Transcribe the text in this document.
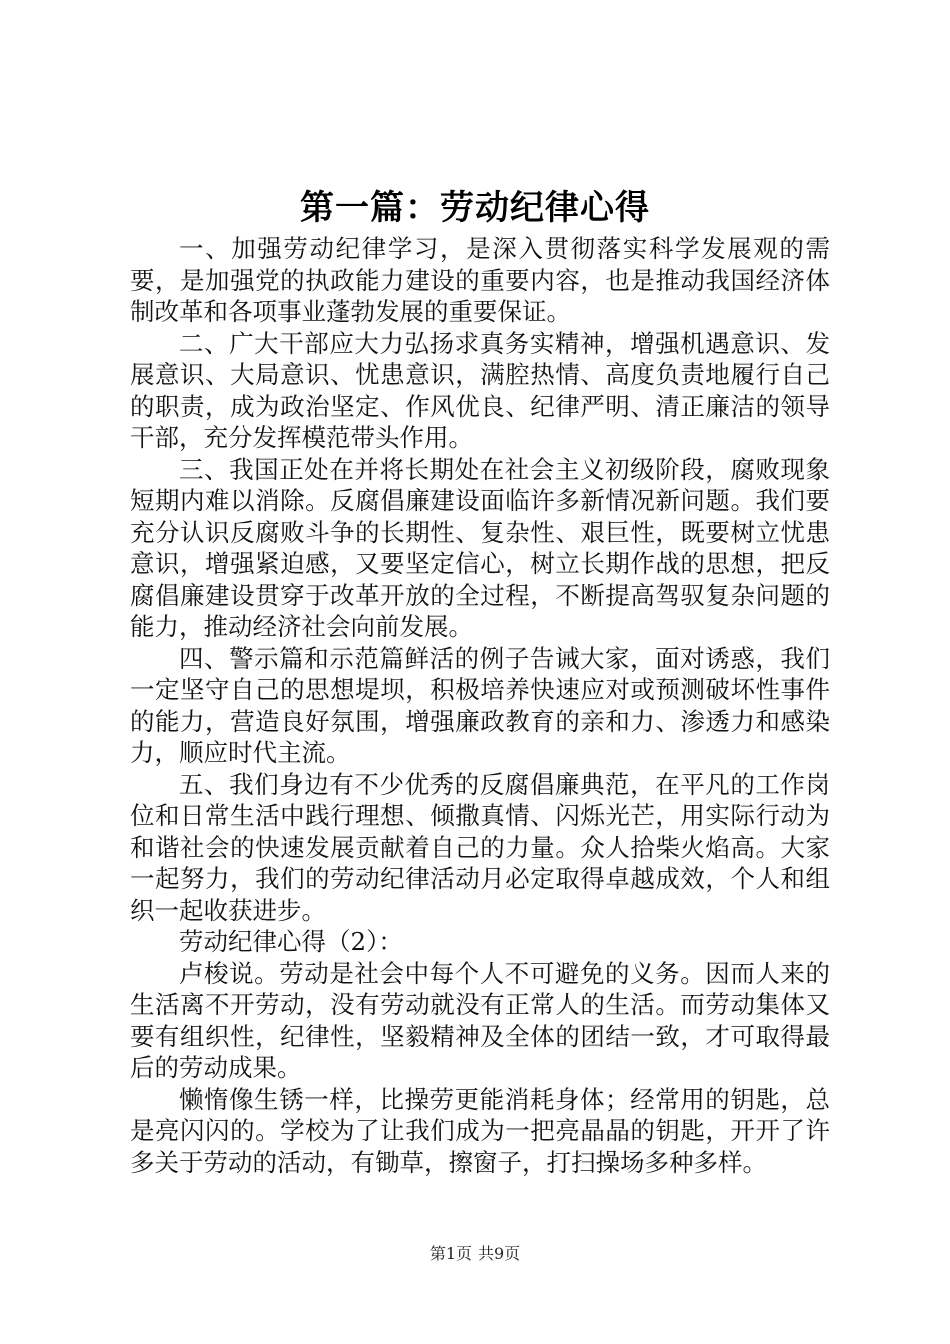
第一篇：劳动纪律心得

一、加强劳动纪律学习，是深入贯彻落实科学发展观的需要，是加强党的执政能力建设的重要内容，也是推动我国经济体制改革和各项事业蓬勃发展的重要保证。

二、广大干部应大力弘扬求真务实精神，增强机遇意识、发展意识、大局意识、忧患意识，满腔热情、高度负责地履行自己的职责，成为政治坚定、作风优良、纪律严明、清正廉洁的领导干部，充分发挥模范带头作用。

三、我国正处在并将长期处在社会主义初级阶段，腐败现象短期内难以消除。反腐倡廉建设面临许多新情况新问题。我们要充分认识反腐败斗争的长期性、复杂性、艰巨性，既要树立忧患意识，增强紧迫感，又要坚定信心，树立长期作战的思想，把反腐倡廉建设贯穿于改革开放的全过程，不断提高驾驭复杂问题的能力，推动经济社会向前发展。

四、警示篇和示范篇鲜活的例子告诫大家，面对诱惑，我们一定坚守自己的思想堤坝，积极培养快速应对或预测破坏性事件的能力，营造良好氛围，增强廉政教育的亲和力、渗透力和感染力，顺应时代主流。

五、我们身边有不少优秀的反腐倡廉典范，在平凡的工作岗位和日常生活中践行理想、倾撒真情、闪烁光芒，用实际行动为和谐社会的快速发展贡献着自己的力量。众人拾柴火焰高。大家一起努力，我们的劳动纪律活动月必定取得卓越成效，个人和组织一起收获进步。

劳动纪律心得（2）：

卢梭说。劳动是社会中每个人不可避免的义务。因而人来的生活离不开劳动，没有劳动就没有正常人的生活。而劳动集体又要有组织性，纪律性，坚毅精神及全体的团结一致，才可取得最后的劳动成果。

懒惰像生锈一样，比操劳更能消耗身体；经常用的钥匙，总是亮闪闪的。学校为了让我们成为一把亮晶晶的钥匙，开开了许多关于劳动的活动，有锄草，擦窗子，打扫操场多种多样。

第1页 共9页
